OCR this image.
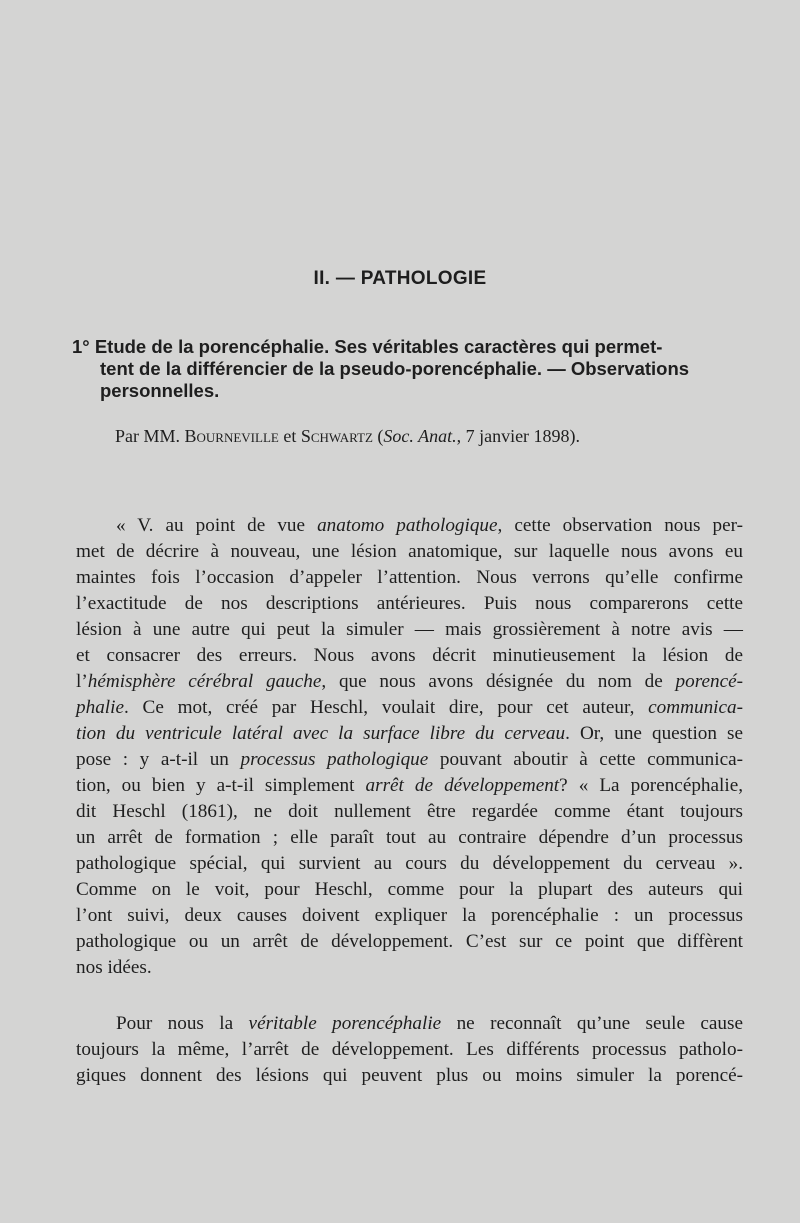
II. — PATHOLOGIE
1° Etude de la porencéphalie. Ses véritables caractères qui permet-
tent de la différencier de la pseudo-porencéphalie. — Observations
personnelles.
Par MM. Bourneville et Schwartz (Soc. Anat., 7 janvier 1898).
« V. au point de vue anatomo pathologique, cette observation nous per-
met de décrire à nouveau, une lésion anatomique, sur laquelle nous avons eu
maintes fois l’occasion d’appeler l’attention. Nous verrons qu’elle confirme
l’exactitude de nos descriptions antérieures. Puis nous comparerons cette
lésion à une autre qui peut la simuler — mais grossièrement à notre avis —
et consacrer des erreurs. Nous avons décrit minutieusement la lésion de
l’hémisphère cérébral gauche, que nous avons désignée du nom de porencé-
phalie. Ce mot, créé par Heschl, voulait dire, pour cet auteur, communica-
tion du ventricule latéral avec la surface libre du cerveau. Or, une question se
pose : y a-t-il un processus pathologique pouvant aboutir à cette communica-
tion, ou bien y a-t-il simplement arrêt de développement? « La porencéphalie,
dit Heschl (1861), ne doit nullement être regardée comme étant toujours
un arrêt de formation ; elle paraît tout au contraire dépendre d’un processus
pathologique spécial, qui survient au cours du développement du cerveau ».
Comme on le voit, pour Heschl, comme pour la plupart des auteurs qui
l’ont suivi, deux causes doivent expliquer la porencéphalie : un processus
pathologique ou un arrêt de développement. C’est sur ce point que diffèrent
nos idées.
Pour nous la véritable porencéphalie ne reconnaît qu’une seule cause
toujours la même, l’arrêt de développement. Les différents processus patholo-
giques donnent des lésions qui peuvent plus ou moins simuler la porencé-
